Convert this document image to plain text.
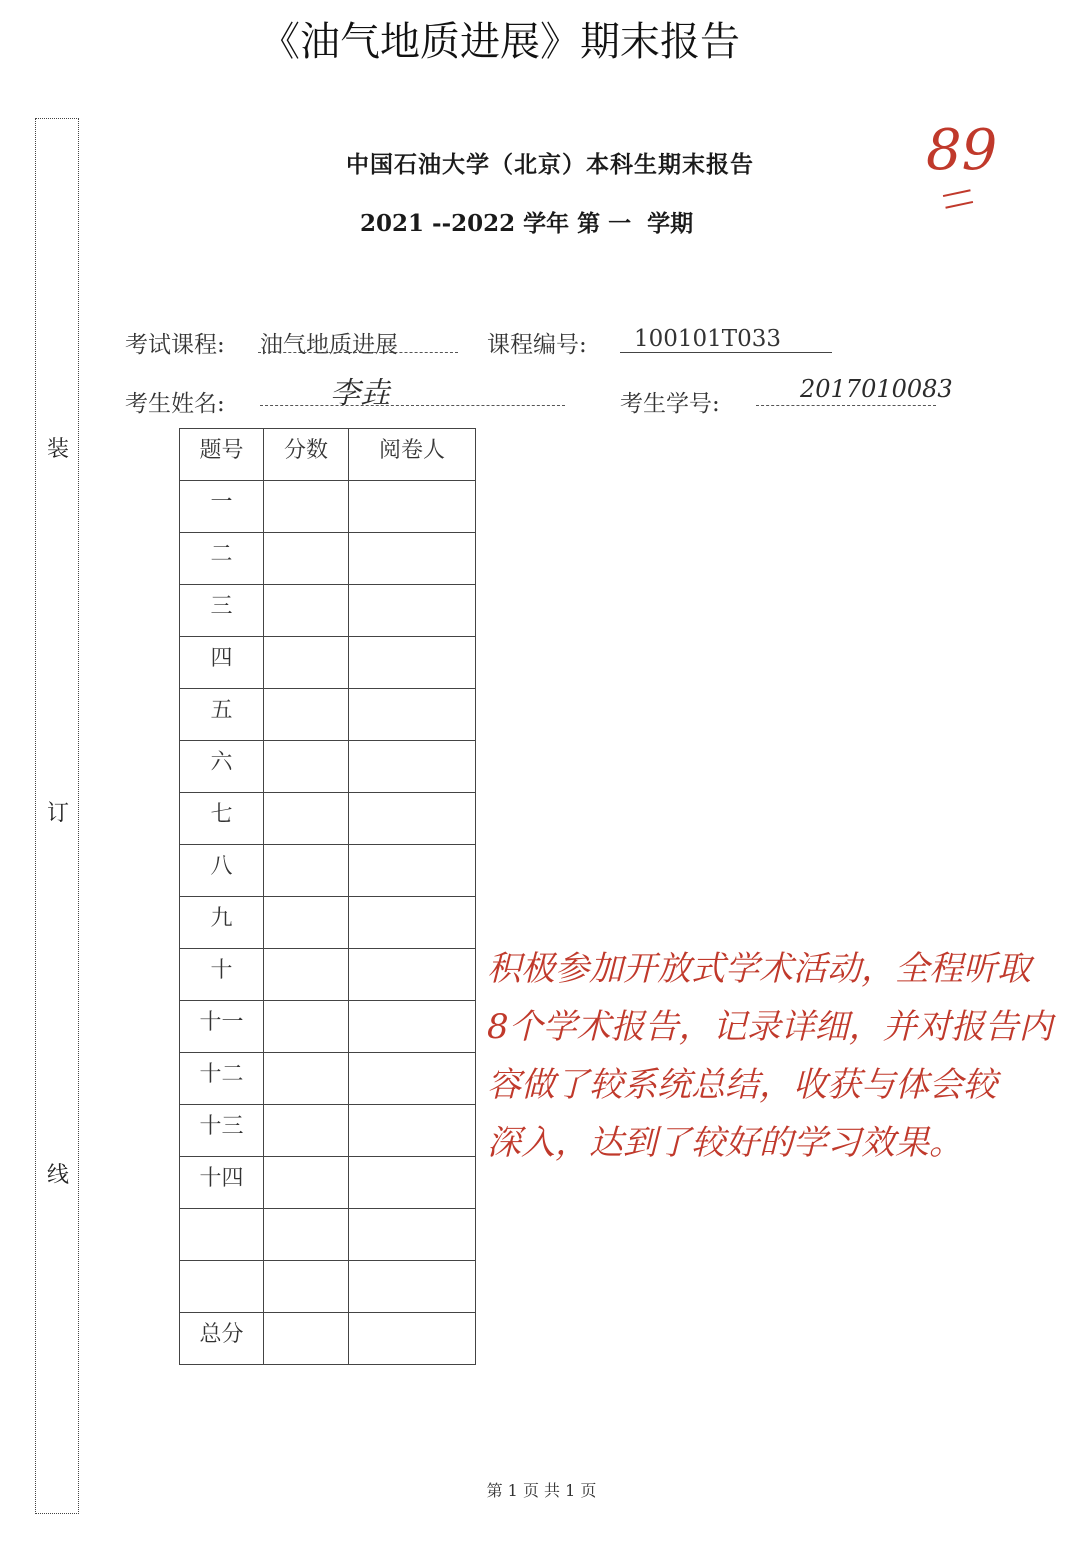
《油气地质进展》期末报告
装
订
线
中国石油大学（北京）本科生期末报告
2021 --2022 学年 第 一  学期
89
考试课程: 油气地质进展	课程编号: 100101T033
考生姓名:	李垚	考生学号:
2017010083
题号	分数	阅卷人
一		
二		
三		
四		
五		
六		
七		
八		
九		
十		
十一		
十二		
十三		
十四		

总分		
积极参加开放式学术活动，全程听取
8个学术报告，记录详细，并对报告内
容做了较系统总结，收获与体会较
深入，达到了较好的学习效果。
第 1 页 共 1 页
